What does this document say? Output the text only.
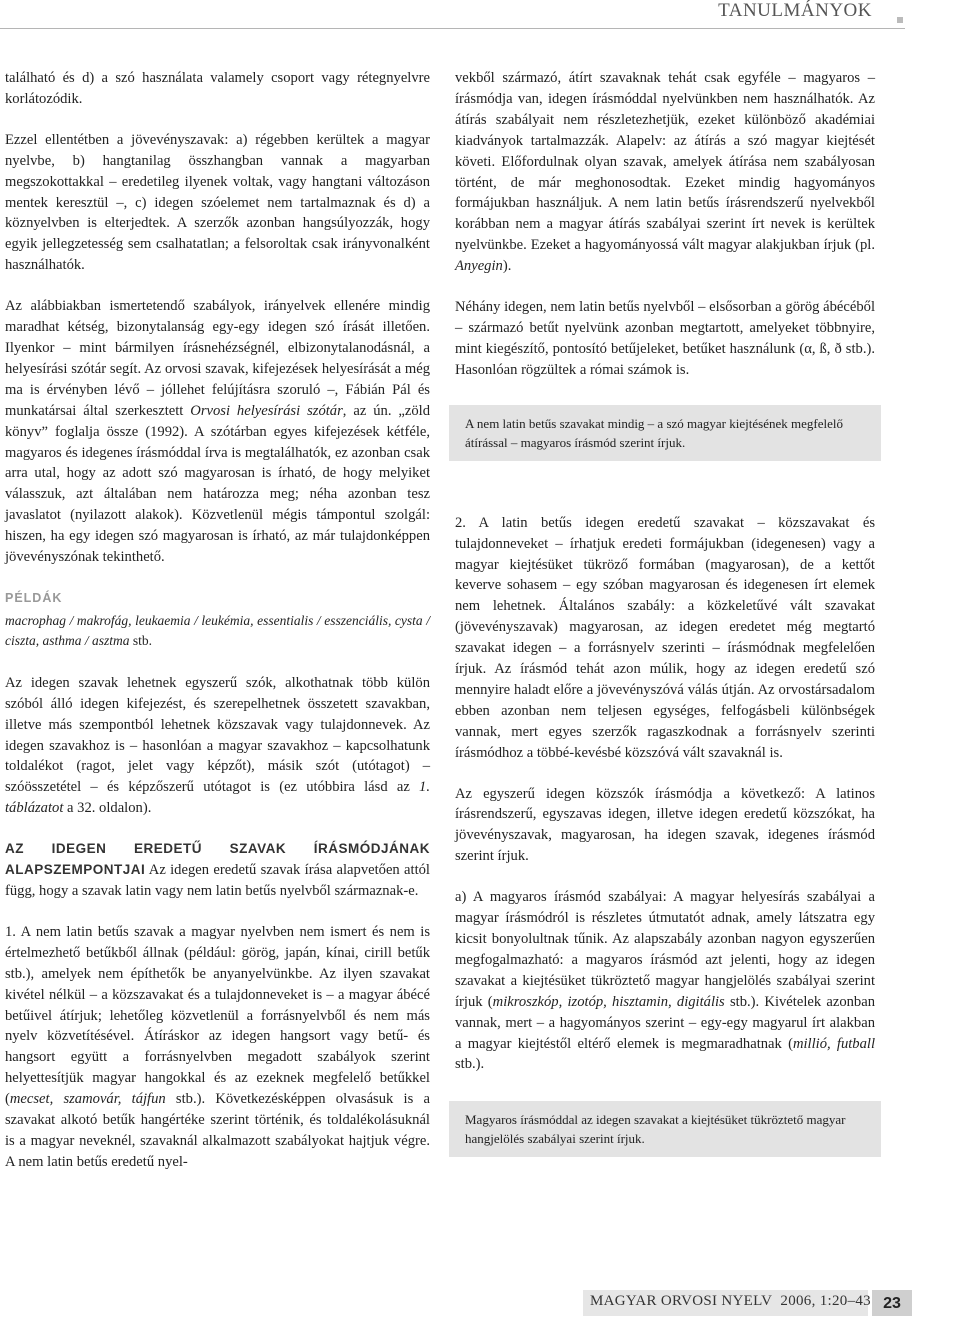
TANULMÁNYOK

található és d) a szó használata valamely csoport vagy rétegnyelvre korlátozódik.

Ezzel ellentétben a jövevényszavak: a) régebben kerültek a magyar nyelvbe, b) hangtanilag összhangban vannak a magyarban megszokottakkal – eredetileg ilyenek voltak, vagy hangtani változáson mentek keresztül –, c) idegen szóelemet nem tartalmaznak és d) a köznyelvben is elterjedtek. A szerzők azonban hangsúlyozzák, hogy egyik jellegzetesség sem csalhatatlan; a felsoroltak csak irányvonalként használhatók.

Az alábbiakban ismertetendő szabályok, irányelvek ellenére mindig maradhat kétség, bizonytalanság egy-egy idegen szó írását illetően. Ilyenkor – mint bármilyen írásnehézségnél, elbizonytalanodásnál, a helyesírási szótár segít. Az orvosi szavak, kifejezések helyesírását a még ma is érvényben lévő – jóllehet felújításra szoruló –, Fábián Pál és munkatársai által szerkesztett Orvosi helyesírási szótár, az ún. „zöld könyv” foglalja össze (1992). A szótárban egyes kifejezések kétféle, magyaros és idegenes írásmóddal írva is megtalálhatók, ez azonban csak arra utal, hogy az adott szó magyarosan is írható, de hogy melyiket válasszuk, azt általában nem határozza meg; néha azonban tesz javaslatot (nyilazott alakok). Közvetlenül mégis támpontul szolgál: hiszen, ha egy idegen szó magyarosan is írható, az már tulajdonképpen jövevényszónak tekinthető.

PÉLDÁK
macrophag / makrofág, leukaemia / leukémia, essentialis / esszenciális, cysta / ciszta, asthma / asztma stb.

Az idegen szavak lehetnek egyszerű szók, alkothatnak több külön szóból álló idegen kifejezést, és szerepelhetnek összetett szavakban, illetve más szempontból lehetnek közszavak vagy tulajdonnevek. Az idegen szavakhoz is – hasonlóan a magyar szavakhoz – kapcsolhatunk toldalékot (ragot, jelet vagy képzőt), másik szót (utótagot) – szóösszetétel – és képzőszerű utótagot is (ez utóbbira lásd az 1. táblázatot a 32. oldalon).

AZ IDEGEN EREDETŰ SZAVAK ÍRÁSMÓDJÁNAK ALAPSZEMPONTJAI Az idegen eredetű szavak írása alapvetően attól függ, hogy a szavak latin vagy nem latin betűs nyelvből származnak-e.

1. A nem latin betűs szavak a magyar nyelvben nem ismert és nem is értelmezhető betűkből állnak (például: görög, japán, kínai, cirill betűk stb.), amelyek nem építhetők be anyanyelvünkbe. Az ilyen szavakat kivétel nélkül – a közszavakat és a tulajdonneveket is – a magyar ábécé betűivel átírjuk; lehetőleg közvetlenül a forrásnyelvből és nem más nyelv közvetítésével. Átíráskor az idegen hangsort vagy betű- és hangsort együtt a forrásnyelvben megadott szabályok szerint helyettesítjük magyar hangokkal és az ezeknek megfelelő betűkkel (mecset, szamovár, tájfun stb.). Következésképpen olvasásuk is a szavakat alkotó betűk hangértéke szerint történik, és toldalékolásuknál is a magyar neveknél, szavaknál alkalmazott szabályokat hajtjuk végre. A nem latin betűs eredetű nyel-

vekből származó, átírt szavaknak tehát csak egyféle – magyaros – írásmódja van, idegen írásmóddal nyelvünkben nem használhatók. Az átírás szabályait nem részletezhetjük, ezeket különböző akadémiai kiadványok tartalmazzák. Alapelv: az átírás a szó magyar kiejtését követi. Előfordulnak olyan szavak, amelyek átírása nem szabályosan történt, de már meghonosodtak. Ezeket mindig hagyományos formájukban használjuk. A nem latin betűs írásrendszerű nyelvekből korábban nem a magyar átírás szabályai szerint írt nevek is kerültek nyelvünkbe. Ezeket a hagyományossá vált magyar alakjukban írjuk (pl. Anyegin).

Néhány idegen, nem latin betűs nyelvből – elsősorban a görög ábécéből – származó betűt nyelvünk azonban megtartott, amelyeket többnyire, mint kiegészítő, pontosító betűjeleket, betűket használunk (α, ß, ð stb.). Hasonlóan rögzültek a római számok is.

A nem latin betűs szavakat mindig – a szó magyar kiejtésének megfelelő átírással – magyaros írásmód szerint írjuk.

2. A latin betűs idegen eredetű szavakat – közszavakat és tulajdonneveket – írhatjuk eredeti formájukban (idegenesen) vagy a magyar kiejtésüket tükröző formában (magyarosan), de a kettőt keverve sohasem – egy szóban magyarosan és idegenesen írt elemek nem lehetnek. Általános szabály: a közkeletűvé vált szavakat (jövevényszavak) magyarosan, az idegen eredetet még megtartó szavakat idegen – a forrásnyelv szerinti – írásmódnak megfelelően írjuk. Az írásmód tehát azon múlik, hogy az idegen eredetű szó mennyire haladt előre a jövevényszóvá válás útján. Az orvostársadalom ebben azonban nem teljesen egységes, felfogásbeli különbségek vannak, mert egyes szerzők ragaszkodnak a forrásnyelv szerinti írásmódhoz a többé-kevésbé közszóvá vált szavaknál is.

Az egyszerű idegen közszók írásmódja a következő: A latinos írásrendszerű, egyszavas idegen, illetve idegen eredetű közszókat, ha jövevényszavak, magyarosan, ha idegen szavak, idegenes írásmód szerint írjuk.

a) A magyaros írásmód szabályai: A magyar helyesírás szabályai a magyar írásmódról is részletes útmutatót adnak, amely látszatra egy kicsit bonyolultnak tűnik. Az alapszabály azonban nagyon egyszerűen megfogalmazható: a magyaros írásmód azt jelenti, hogy az idegen szavakat a kiejtésüket tükröztető magyar hangjelölés szabályai szerint írjuk (mikroszkóp, izotóp, hisztamin, digitális stb.). Kivételek azonban vannak, mert – a hagyományos szerint – egy-egy magyarul írt alakban a magyar kiejtéstől eltérő elemek is megmaradhatnak (millió, futball stb.).

Magyaros írásmóddal az idegen szavakat a kiejtésüket tükröztető magyar hangjelölés szabályai szerint írjuk.
MAGYAR ORVOSI NYELV 2006, 1:20–43 23
